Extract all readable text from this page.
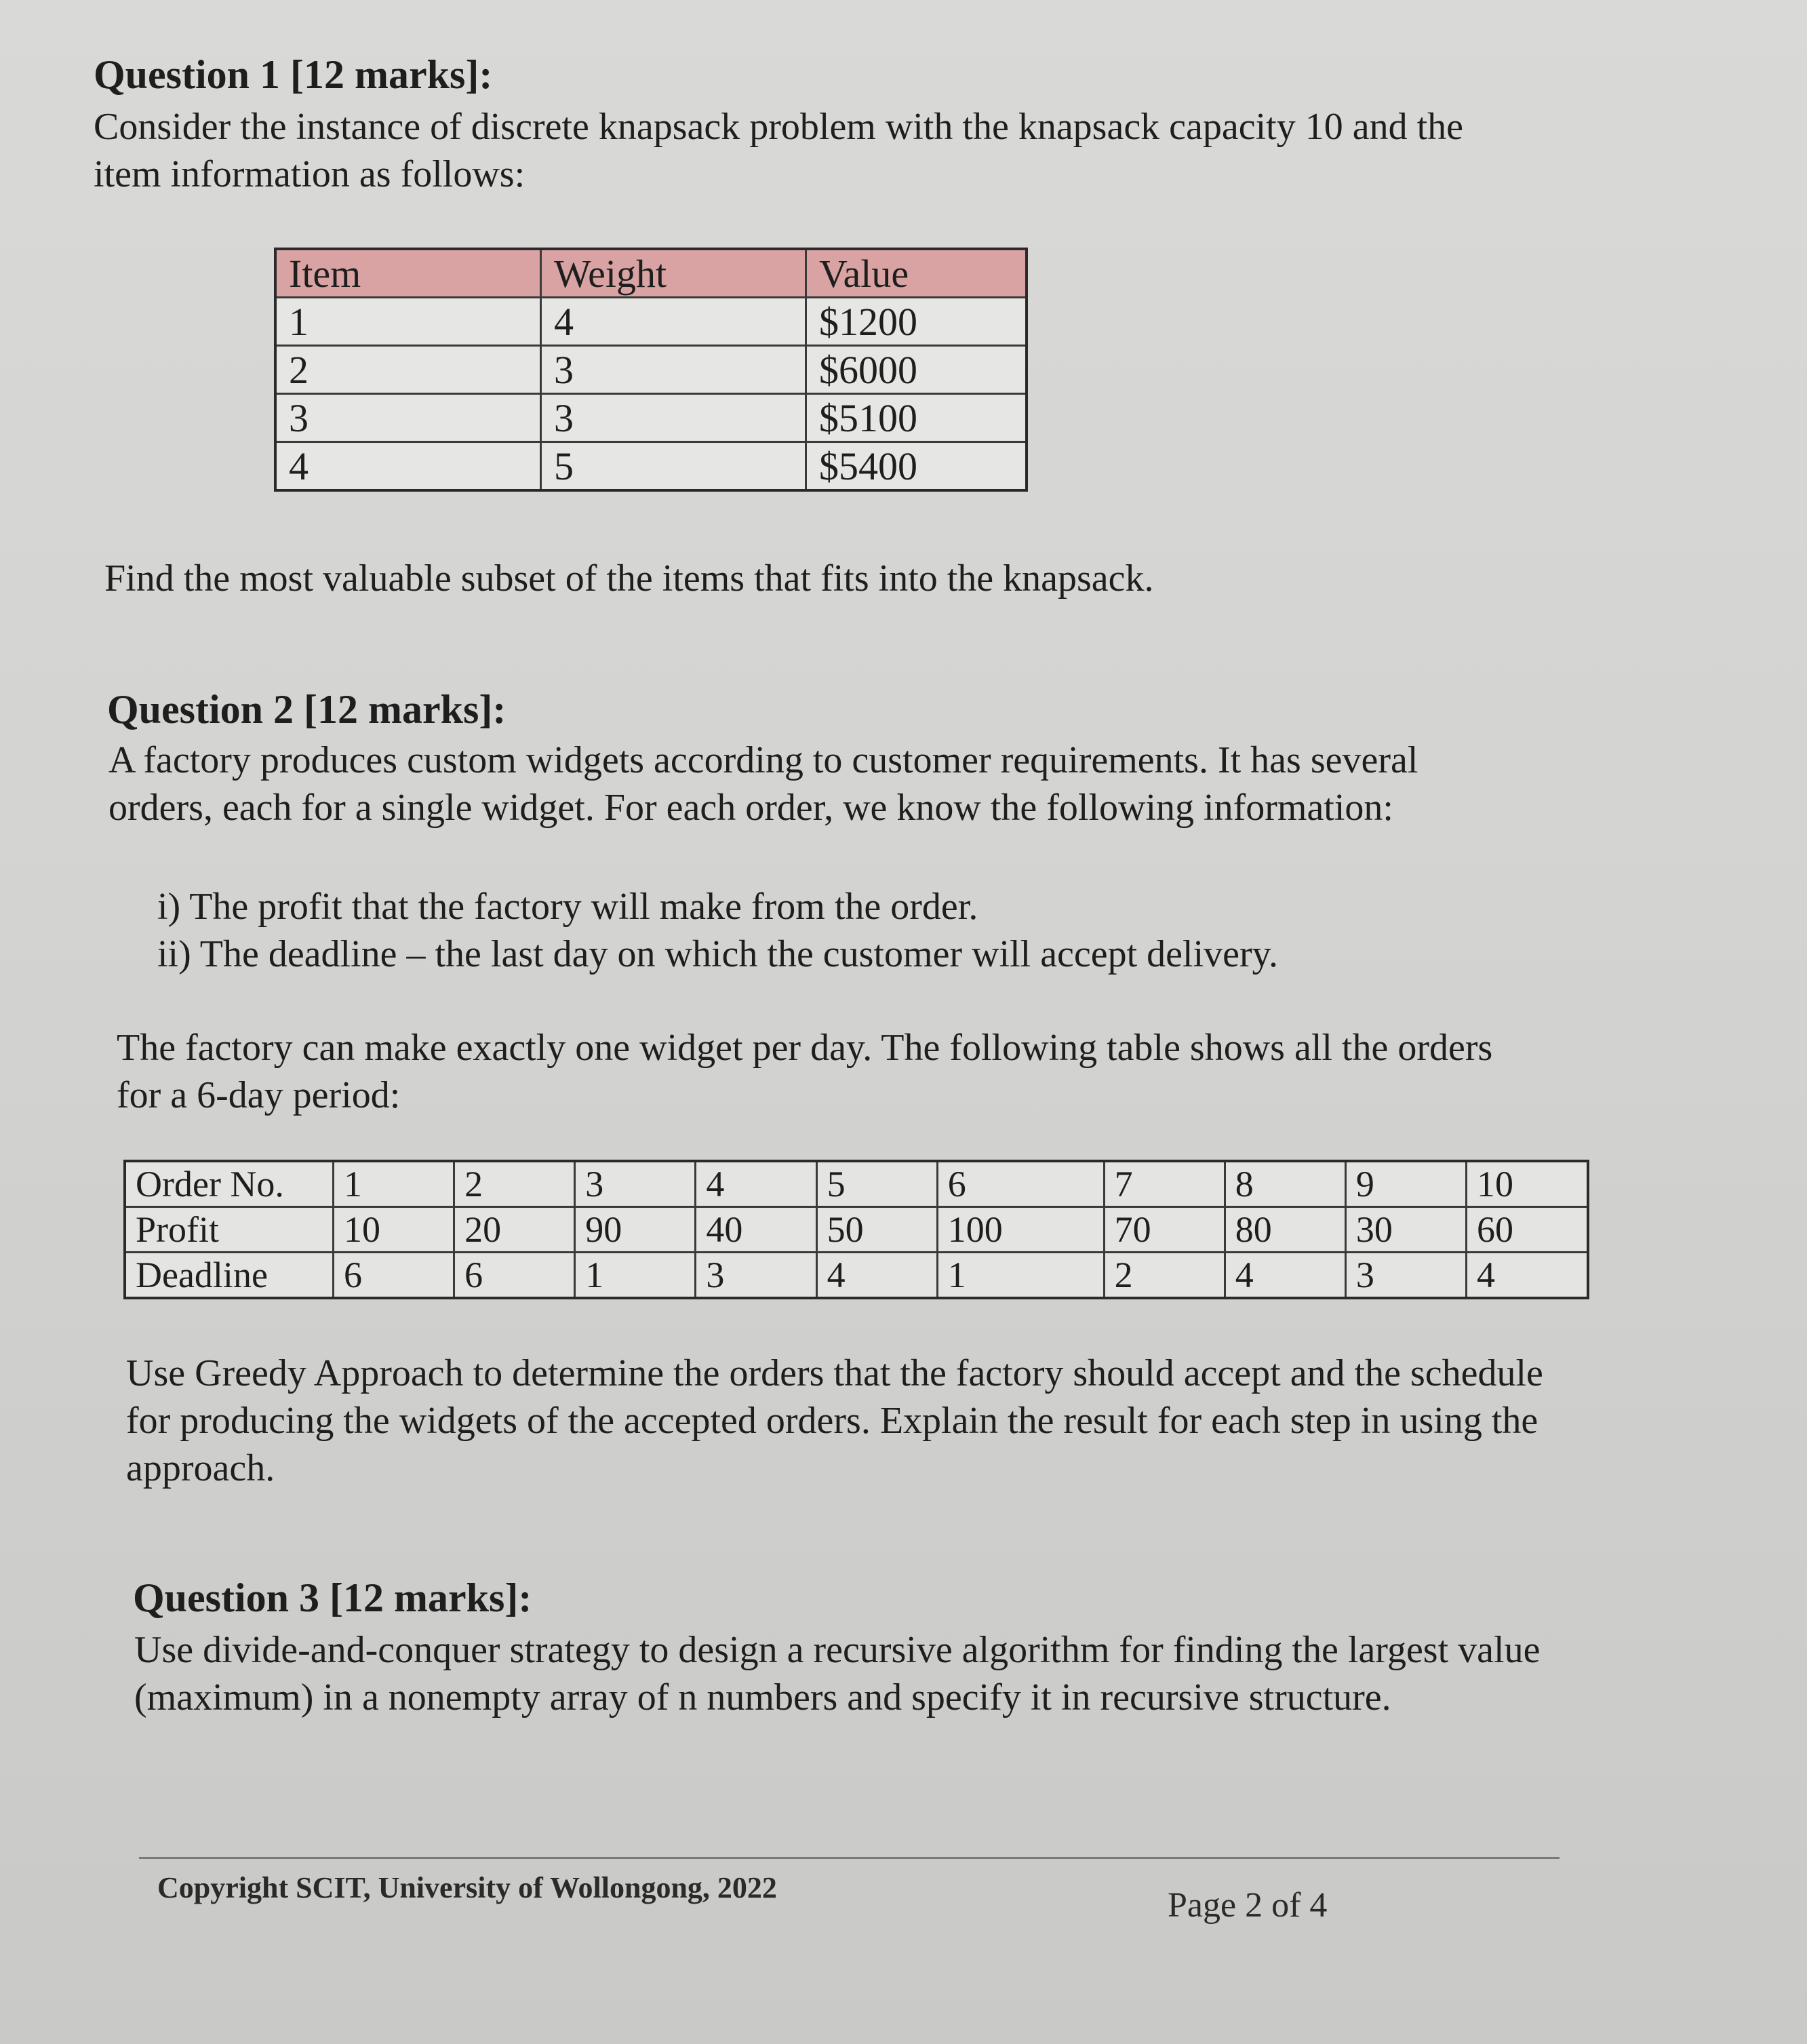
Question 1 [12 marks]:
Consider the instance of discrete knapsack problem with the knapsack capacity 10 and the
item information as follows:
Item	Weight	Value
1	4	$1200
2	3	$6000
3	3	$5100
4	5	$5400
Find the most valuable subset of the items that fits into the knapsack.
Question 2 [12 marks]:
A factory produces custom widgets according to customer requirements. It has several
orders, each for a single widget. For each order, we know the following information:
i) The profit that the factory will make from the order.
ii) The deadline – the last day on which the customer will accept delivery.
The factory can make exactly one widget per day. The following table shows all the orders
for a 6-day period:
Order No.	1	2	3	4	5	6	7	8	9	10
Profit	10	20	90	40	50	100	70	80	30	60
Deadline	6	6	1	3	4	1	2	4	3	4
Use Greedy Approach to determine the orders that the factory should accept and the schedule
for producing the widgets of the accepted orders. Explain the result for each step in using the
approach.
Question 3 [12 marks]:
Use divide-and-conquer strategy to design a recursive algorithm for finding the largest value
(maximum) in a nonempty array of n numbers and specify it in recursive structure.
Copyright SCIT, University of Wollongong, 2022	Page 2 of 4
